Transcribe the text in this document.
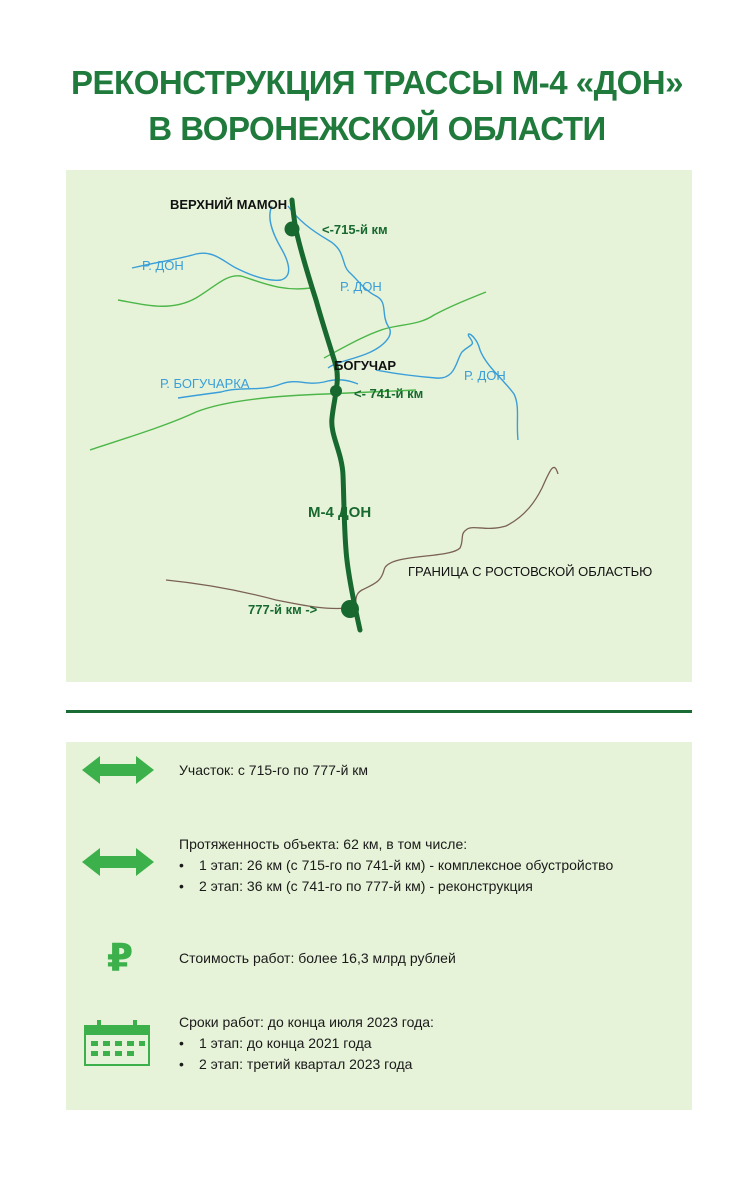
РЕКОНСТРУКЦИЯ ТРАССЫ М-4 «ДОН»
В ВОРОНЕЖСКОЙ ОБЛАСТИ
ВЕРХНИЙ МАМОН
БОГУЧАР
Р. ДОН
Р. ДОН
Р. ДОН
Р. БОГУЧАРКА
<-715-й км
<- 741-й км
777-й км ->
М-4 ДОН
ГРАНИЦА С РОСТОВСКОЙ ОБЛАСТЬЮ
Участок: с 715-го по 777-й км
Протяженность объекта: 62 км, в том числе:
• 1 этап: 26 км (с 715-го по 741-й км) - комплексное обустройство
• 2 этап: 36 км (с 741-го по 777-й км) - реконструкция
₽	Стоимость работ: более 16,3 млрд рублей
Сроки работ: до конца июля 2023 года:
• 1 этап: до конца 2021 года
• 2 этап: третий квартал 2023 года
